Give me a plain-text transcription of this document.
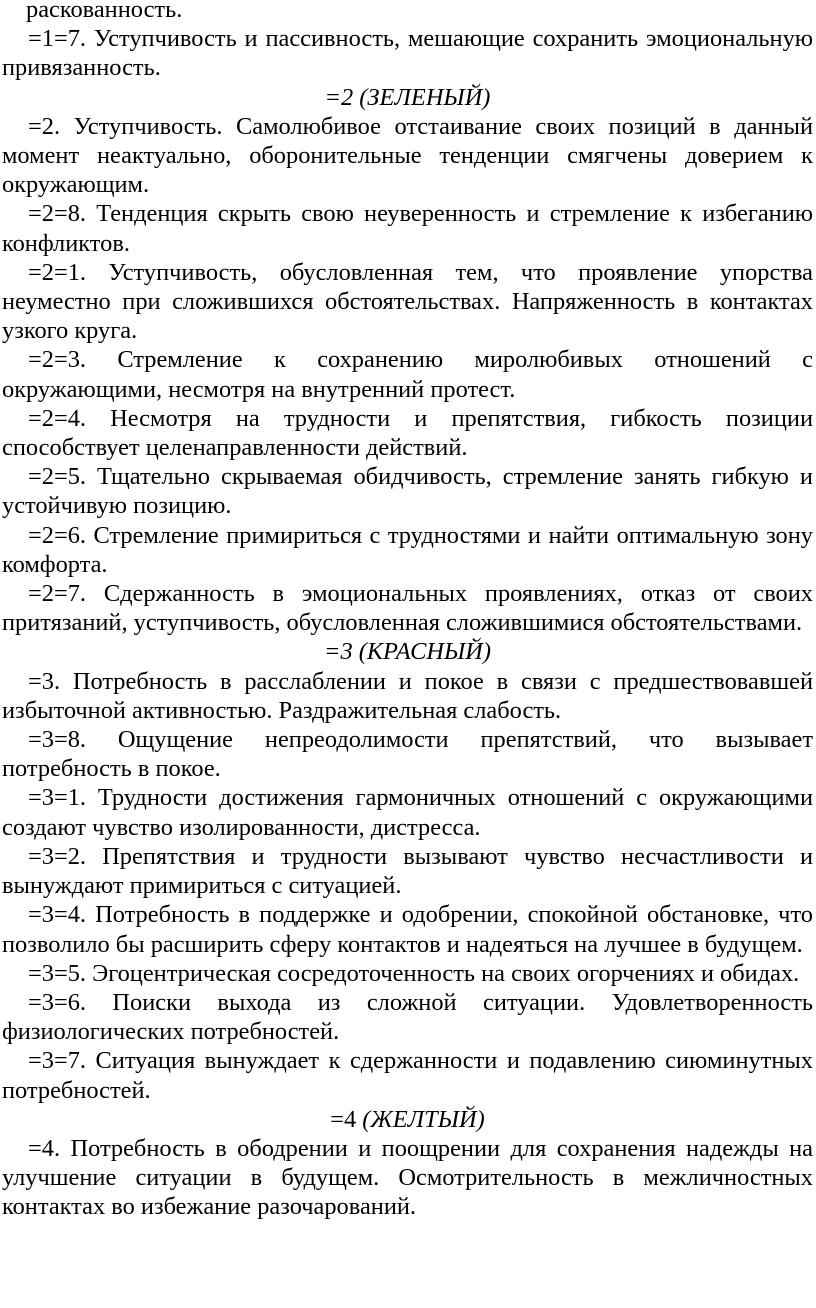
раскованность.

=1=7. Уступчивость и пассивность, мешающие сохранить эмоциональную привязанность.

=2 (ЗЕЛЕНЫЙ)

=2. Уступчивость. Самолюбивое отстаивание своих позиций в данный момент неактуально, оборонительные тенденции смягчены доверием к окружающим.

=2=8. Тенденция скрыть свою неуверенность и стремление к избеганию конфликтов.

=2=1. Уступчивость, обусловленная тем, что проявление упорства неуместно при сложившихся обстоятельствах. Напряженность в контактах узкого круга.

=2=3. Стремление к сохранению миролюбивых отношений с окружающими, несмотря на внутренний протест.

=2=4. Несмотря на трудности и препятствия, гибкость позиции способствует целенаправленности действий.

=2=5. Тщательно скрываемая обидчивость, стремление занять гибкую и устойчивую позицию.

=2=6. Стремление примириться с трудностями и найти оптимальную зону комфорта.

=2=7. Сдержанность в эмоциональных проявлениях, отказ от своих притязаний, уступчивость, обусловленная сложившимися обстоятельствами.

=3 (КРАСНЫЙ)

=3. Потребность в расслаблении и покое в связи с предшествовавшей избыточной активностью. Раздражительная слабость.

=3=8. Ощущение непреодолимости препятствий, что вызывает потребность в покое.

=3=1. Трудности достижения гармоничных отношений с окружающими создают чувство изолированности, дистресса.

=3=2. Препятствия и трудности вызывают чувство несчастливости и вынуждают примириться с ситуацией.

=3=4. Потребность в поддержке и одобрении, спокойной обстановке, что позволило бы расширить сферу контактов и надеяться на лучшее в будущем.

=3=5. Эгоцентрическая сосредоточенность на своих огорчениях и обидах.

=3=6. Поиски выхода из сложной ситуации. Удовлетворенность физиологических потребностей.

=3=7. Ситуация вынуждает к сдержанности и подавлению сиюминутных потребностей.

=4 (ЖЕЛТЫЙ)

=4. Потребность в ободрении и поощрении для сохранения надежды на улучшение ситуации в будущем. Осмотрительность в межличностных контактах во избежание разочарований.
